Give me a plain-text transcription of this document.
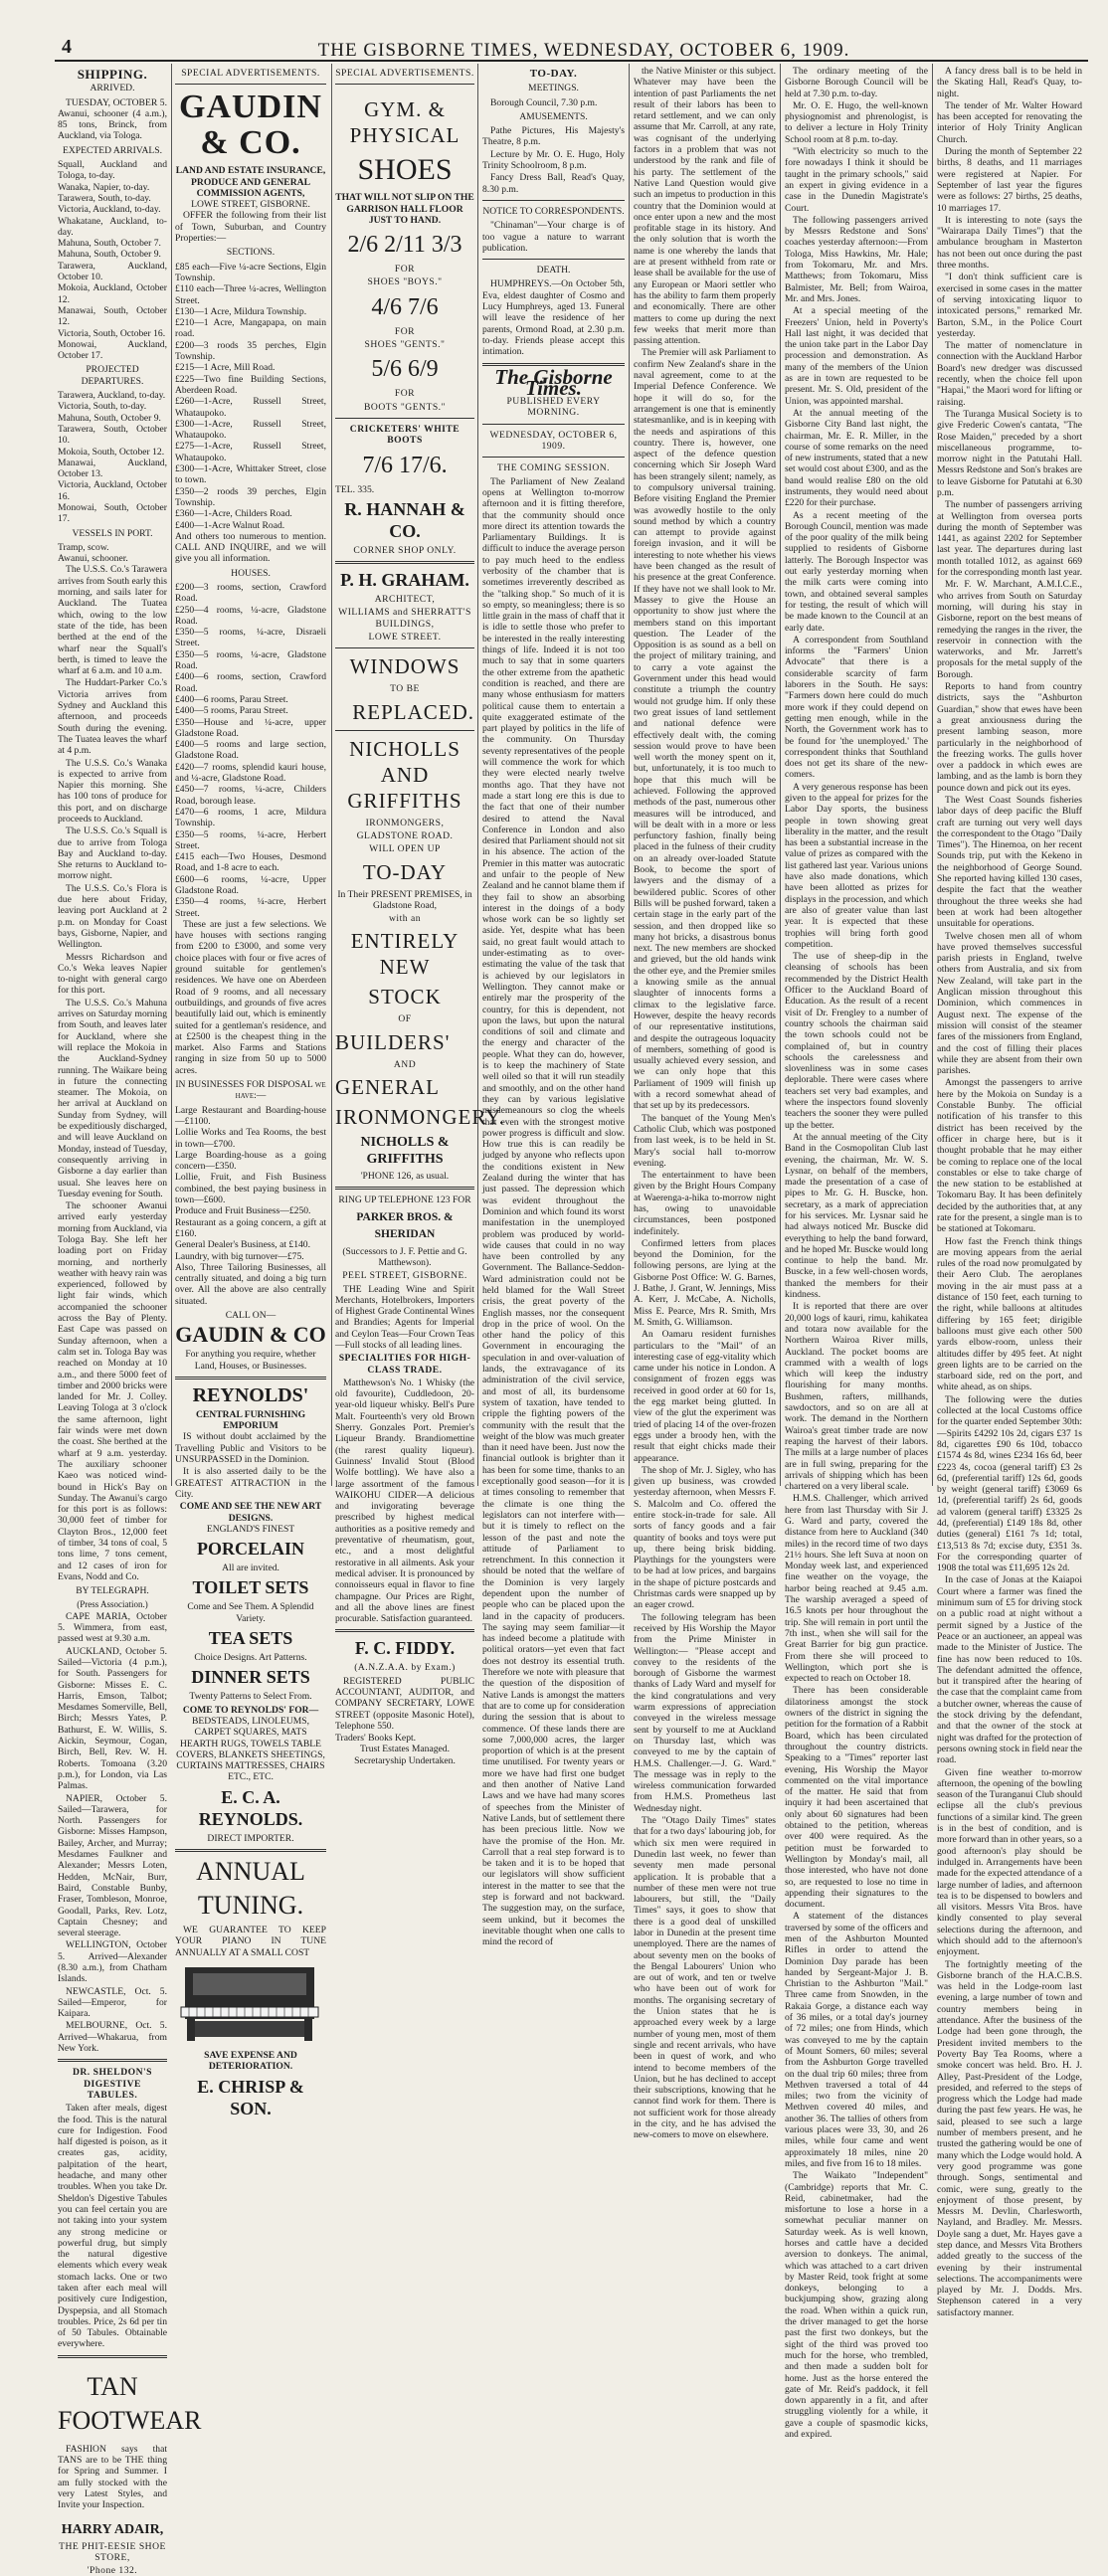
4	THE GISBORNE TIMES, WEDNESDAY, OCTOBER 6, 1909.
SHIPPING.
ARRIVED.

TUESDAY, OCTOBER 5. Awanui, schooner (4 a.m.), 85 tons, Brinck, from Auckland, via Tologa.

EXPECTED ARRIVALS.
Squall, Auckland and Tologa, to-day.
Wanaka, Napier, to-day.
Tarawera, South, to-day.
Victoria, Auckland, to-day.
Whakatane, Auckland, to-day.
Mahuna, South, October 7.
Mahuna, South, October 9.
Tarawera, Auckland, October 10.
Mokoia, Auckland, October 12.
Manawai, South, October 12.
Victoria, South, October 16.
Monowai, Auckland, October 17.
PROJECTED DEPARTURES.
Tarawera, Auckland, to-day.
Victoria, South, to-day.
Mahuna, South, October 9.
Tarawera, South, October 10.
Mokoia, South, October 12.
Manawai, Auckland, October 13.
Victoria, Auckland, October 16.
Monowai, South, October 17.
VESSELS IN PORT.
Tramp, scow.
Awanui, schooner.

The U.S.S. Co.'s Tarawera arrives from South early this morning, and sails later for Auckland. The Tuatea which, owing to the low state of the tide, has been berthed at the end of the wharf near the Squall's berth, is timed to leave the wharf at 6 a.m. and 10 a.m.

The Huddart-Parker Co.'s Victoria arrives from Sydney and Auckland this afternoon, and proceeds South during the evening. The Tuatea leaves the wharf at 4 p.m.

The U.S.S. Co.'s Wanaka is expected to arrive from Napier this morning. She has 100 tons of produce for this port, and on discharge proceeds to Auckland.

The U.S.S. Co.'s Squall is due to arrive from Tologa Bay and Auckland to-day. She returns to Auckland to-morrow night.

The U.S.S. Co.'s Flora is due here about Friday, leaving port Auckland at 2 p.m. on Monday for Coast bays, Gisborne, Napier, and Wellington.

Messrs Richardson and Co.'s Weka leaves Napier to-night with general cargo for this port.

The U.S.S. Co.'s Mahuna arrives on Saturday morning from South, and leaves later for Auckland, where she will replace the Mokoia in the Auckland-Sydney running. The Waikare being in future the connecting steamer. The Mokoia, on her arrival at Auckland on Sunday from Sydney, will be expeditiously discharged, and will leave Auckland on Monday, instead of Tuesday, consequently arriving in Gisborne a day earlier than usual. She leaves here on Tuesday evening for South.

The schooner Awanui arrived early yesterday morning from Auckland, via Tologa Bay. She left her loading port on Friday morning, and northerly weather with heavy rain was experienced, followed by light fair winds, which accompanied the schooner across the Bay of Plenty. East Cape was passed on Sunday afternoon, when a calm set in. Tologa Bay was reached on Monday at 10 a.m., and there 5000 feet of timber and 2000 bricks were landed for Mr. J. Colley. Leaving Tologa at 3 o'clock the same afternoon, light fair winds were met down the coast. She berthed at the wharf at 9 a.m. yesterday. The auxiliary schooner Kaeo was noticed wind-bound in Hick's Bay on Sunday. The Awanui's cargo for this port is as follows: 30,000 feet of timber for Clayton Bros., 12,000 feet of timber, 34 tons of coal, 5 tons lime, 7 tons cement, and 12 cases of iron for Evans, Nodd and Co.

BY TELEGRAPH.
(Press Association.)

CAPE MARIA, October 5. Wimmera, from east, passed west at 9.30 a.m.

AUCKLAND, October 5. Sailed—Victoria (4 p.m.), for South. Passengers for Gisborne: Misses E. C. Harris, Emson, Talbot; Mesdames Somerville, Bell, Birch; Messrs Yates, P. Bathurst, E. W. Willis, S. Aickin, Seymour, Cogan, Birch, Bell, Rev. W. H. Roberts. Tomoana (3.20 p.m.), for London, via Las Palmas.

NAPIER, October 5. Sailed—Tarawera, for North. Passengers for Gisborne: Misses Hampson, Bailey, Archer, and Murray; Mesdames Faulkner and Alexander; Messrs Loten, Hedden, McNair, Burr, Baird, Constable Bunby, Fraser, Tombleson, Monroe, Goodall, Parks, Rev. Lotz, Captain Chesney; and several steerage.

WELLINGTON, October 5. Arrived—Alexander (8.30 a.m.), from Chatham Islands.

NEWCASTLE, Oct. 5. Sailed—Emperor, for Kaipara.

MELBOURNE, Oct. 5. Arrived—Whakarua, from New York.

DR. SHELDON'S DIGESTIVE TABULES.

Taken after meals, digest the food. This is the natural cure for Indigestion. Food half digested is poison, as it creates gas, acidity, palpitation of the heart, headache, and many other troubles. When you take Dr. Sheldon's Digestive Tabules you can feel certain you are not taking into your system any strong medicine or powerful drug, but simply the natural digestive elements which every weak stomach lacks. One or two taken after each meal will positively cure Indigestion, Dyspepsia, and all Stomach troubles. Price, 2s 6d per tin of 50 Tabules. Obtainable everywhere.

TAN
FOOTWEAR

FASHION says that TANS are to be THE thing for Spring and Summer. I am fully stocked with the very Latest Styles, and Invite your Inspection.

HARRY ADAIR,
THE PHIT-EESIE SHOE STORE,
'Phone 132.
SPECIAL ADVERTISEMENTS.
GAUDIN & CO.
LAND AND ESTATE INSURANCE, PRODUCE AND GENERAL COMMISSION AGENTS,
LOWE STREET, GISBORNE.

OFFER the following from their list of Town, Suburban, and Country Properties:—

SECTIONS.
£85 each—Five ¼-acre Sections, Elgin Township.
£110 each—Three ¼-acres, Wellington Street.
£130—1 Acre, Mildura Township.
£210—1 Acre, Mangapapa, on main road.
£200—3 roods 35 perches, Elgin Township.
£215—1 Acre, Mill Road.
£225—Two fine Building Sections, Aberdeen Road.
£260—1-Acre, Russell Street, Whataupoko.
£300—1-Acre, Russell Street, Whataupoko.
£275—1-Acre, Russell Street, Whataupoko.
£300—1-Acre, Whittaker Street, close to town.
£350—2 roods 39 perches, Elgin Township.
£360—1-Acre, Childers Road.
£400—1-Acre Walnut Road.
And others too numerous to mention. CALL AND INQUIRE, and we will give you all information.
HOUSES.
£200—3 rooms, section, Crawford Road.
£250—4 rooms, ¼-acre, Gladstone Road.
£350—5 rooms, ¼-acre, Disraeli Street.
£350—5 rooms, ¼-acre, Gladstone Road.
£400—6 rooms, section, Crawford Road.
£400—6 rooms, Parau Street.
£400—5 rooms, Parau Street.
£350—House and ¼-acre, upper Gladstone Road.
£400—5 rooms and large section, Gladstone Road.
£420—7 rooms, splendid kauri house, and ¼-acre, Gladstone Road.
£450—7 rooms, ¼-acre, Childers Road, borough lease.
£470—6 rooms, 1 acre, Mildura Township.
£350—5 rooms, ¼-acre, Herbert Street.
£415 each—Two Houses, Desmond Road, and 1-8 acre to each.
£600—6 rooms, ¼-acre, Upper Gladstone Road.
£350—4 rooms, ¼-acre, Herbert Street.

These are just a few selections. We have houses with sections ranging from £200 to £3000, and some very choice places with four or five acres of ground suitable for gentlemen's residences. We have one on Aberdeen Road of 9 rooms, and all necessary outbuildings, and grounds of five acres beautifully laid out, which is eminently suited for a gentleman's residence, and at £2500 is the cheapest thing in the market. Also Farms and Stations ranging in size from 50 up to 5000 acres.

IN BUSINESSES FOR DISPOSAL we have:—
Large Restaurant and Boarding-house —£1100.
Lollie Works and Tea Rooms, the best in town—£700.
Large Boarding-house as a going concern—£350.
Lollie, Fruit, and Fish Business combined, the best paying business in town—£600.
Produce and Fruit Business—£250.
Restaurant as a going concern, a gift at £160.
General Dealer's Business, at £140.
Laundry, with big turnover—£75.
Also, Three Tailoring Businesses, all centrally situated, and doing a big turn over. All the above are also centrally situated.
CALL ON—
GAUDIN & CO
For anything you require, whether Land, Houses, or Businesses.
REYNOLDS'
CENTRAL FURNISHING EMPORIUM

IS without doubt acclaimed by the Travelling Public and Visitors to be UNSURPASSED in the Dominion.

It is also asserted daily to be the GREATEST ATTRACTION in the City.

COME AND SEE THE NEW ART DESIGNS.
ENGLAND'S FINEST
PORCELAIN
All are invited.
TOILET SETS
Come and See Them. A Splendid Variety.
TEA SETS
Choice Designs. Art Patterns.
DINNER SETS
Twenty Patterns to Select From.
COME TO REYNOLDS' FOR—
BEDSTEADS, LINOLEUMS, CARPET SQUARES, MATS HEARTH RUGS, TOWELS TABLE COVERS, BLANKETS SHEETINGS, CURTAINS MATTRESSES, CHAIRS ETC., ETC.
E. C. A. REYNOLDS.
DIRECT IMPORTER.
ANNUAL
TUNING.

WE GUARANTEE TO KEEP YOUR PIANO IN TUNE ANNUALLY AT A SMALL COST

SAVE EXPENSE AND DETERIORATION.
E. CHRISP & SON.
SPECIAL ADVERTISEMENTS.
GYM. & PHYSICAL
SHOES
THAT WILL NOT SLIP ON THE GARRISON HALL FLOOR JUST TO HAND.
2/6 2/11 3/3
FOR
SHOES "BOYS."
4/6 7/6
FOR
SHOES "GENTS."
5/6 6/9
FOR
BOOTS "GENTS."
CRICKETERS' WHITE BOOTS
7/6 17/6.
TEL. 335.
R. HANNAH & CO.
CORNER SHOP ONLY.
P. H. GRAHAM.
ARCHITECT,
WILLIAMS and SHERRATT'S BUILDINGS,
LOWE STREET.
WINDOWS
TO BE
REPLACED.
NICHOLLS AND GRIFFITHS
IRONMONGERS,
GLADSTONE ROAD.
WILL OPEN UP
TO-DAY
In Their PRESENT PREMISES, in Gladstone Road,
with an
ENTIRELY NEW
STOCK
OF
BUILDERS'
AND
GENERAL
IRONMONGERY.
NICHOLLS & GRIFFITHS
'PHONE 126, as usual.
RING UP TELEPHONE 123 FOR
PARKER BROS. & SHERIDAN
(Successors to J. F. Pettie and G. Matthewson).
PEEL STREET, GISBORNE.

THE Leading Wine and Spirit Merchants, Hotelbrokers, Importers of Highest Grade Continental Wines and Brandies; Agents for Imperial and Ceylon Teas—Four Crown Teas—Full stocks of all leading lines.

SPECIALITIES FOR HIGH-CLASS TRADE.

Matthewson's No. 1 Whisky (the old favourite), Cuddledoon, 20-year-old liqueur whisky. Bell's Pure Malt. Fourteenth's very old Brown Sherry. Gonzales Port. Premier's Liqueur Brandy. Brandiomettine (the rarest quality liqueur). Guinness' Invalid Stout (Blood Wolfe bottling). We have also a large assortment of the famous WAIKOHU CIDER—A delicious and invigorating beverage prescribed by highest medical authorities as a positive remedy and preventative of rheumatism, gout, etc., and a most delightful restorative in all ailments. Ask your medical adviser. It is pronounced by connoisseurs equal in flavor to fine champagne. Our Prices are Right, and all the above lines are finest procurable. Satisfaction guaranteed.

F. C. FIDDY.
(A.N.Z.A.A. by Exam.)

REGISTERED PUBLIC ACCOUNTANT, AUDITOR, and COMPANY SECRETARY, LOWE STREET (opposite Masonic Hotel), Telephone 550.

Traders' Books Kept.
Trust Estates Managed.
Secretaryship Undertaken.
TO-DAY.
MEETINGS.

Borough Council, 7.30 p.m.

AMUSEMENTS.

Pathe Pictures, His Majesty's Theatre, 8 p.m.

Lecture by Mr. O. E. Hugo, Holy Trinity Schoolroom, 8 p.m.

Fancy Dress Ball, Read's Quay, 8.30 p.m.

NOTICE TO CORRESPONDENTS.

"Chinaman"—Your charge is of too vague a nature to warrant publication.

DEATH.

HUMPHREYS.—On October 5th, Eva, eldest daughter of Cosmo and Lucy Humphreys, aged 13. Funeral will leave the residence of her parents, Ormond Road, at 2.30 p.m. to-day. Friends please accept this intimation.

The Gisborne Times.
PUBLISHED EVERY MORNING.
WEDNESDAY, OCTOBER 6, 1909.
THE COMING SESSION.

The Parliament of New Zealand opens at Wellington to-morrow afternoon and it is fitting therefore, that the community should once more direct its attention towards the Parliamentary Buildings. It is difficult to induce the average person to pay much heed to the endless verbosity of the chamber that is sometimes irreverently described as the "talking shop." So much of it is so empty, so meaningless; there is so little grain in the mass of chaff that it is idle to settle those who prefer to be interested in the really interesting things of life. Indeed it is not too much to say that in some quarters the other extreme from the apathetic condition is reached, and there are many whose enthusiasm for matters political cause them to entertain a quite exaggerated estimate of the part played by politics in the life of the community. On Thursday seventy representatives of the people will commence the work for which they were elected nearly twelve months ago. That they have not made a start long ere this is due to the fact that one of their number desired to attend the Naval Conference in London and also desired that Parliament should not sit in his absence. The action of the Premier in this matter was autocratic and unfair to the people of New Zealand and he cannot blame them if they fail to show an absorbing interest in the doings of a body whose work can be so lightly set aside. Yet, despite what has been said, no great fault would attach to under-estimating as to over-estimating the value of the task that is achieved by our legislators in Wellington. They cannot make or entirely mar the prosperity of the country, for this is dependent, not upon the laws, but upon the natural conditions of soil and climate and the energy and character of the people. What they can do, however, is to keep the machinery of State well oiled so that it will run steadily and smoothly, and on the other hand they can by various legislative misdemeanours so clog the wheels that even with the strongest motive power progress is difficult and slow. How true this is can readily be judged by anyone who reflects upon the conditions existent in New Zealand during the winter that has just passed. The depression which was evident throughout the Dominion and which found its worst manifestation in the unemployed problem was produced by world-wide causes that could in no way have been controlled by any Government. The Ballance-Seddon-Ward administration could not be held blamed for the Wall Street crisis, the great poverty of the English masses, nor the consequent drop in the price of wool. On the other hand the policy of this Government in encouraging the speculation in and over-valuation of lands, the extravagance of its administration of the civil service, and most of all, its burdensome system of taxation, have tended to cripple the fighting powers of the community with the result that the weight of the blow was much greater than it need have been. Just now the financial outlook is brighter than it has been for some time, thanks to an exceptionally good season—for it is at times consoling to remember that the climate is one thing the legislators can not interfere with—but it is timely to reflect on the lesson of the past and note the attitude of Parliament to retrenchment. In this connection it should be noted that the welfare of the Dominion is very largely dependent upon the number of people who can be placed upon the land in the capacity of producers. The saying may seem familiar—it has indeed become a platitude with political orators—yet even that fact does not destroy its essential truth. Therefore we note with pleasure that the question of the disposition of Native Lands is amongst the matters that are to come up for consideration during the session that is about to commence. Of these lands there are some 7,000,000 acres, the larger proportion of which is at the present time unutilised. For twenty years or more we have had first one budget and then another of Native Land Laws and we have had many scores of speeches from the Minister of Native Lands, but of settlement there has been precious little. Now we have the promise of the Hon. Mr. Carroll that a real step forward is to be taken and it is to be hoped that our legislators will show sufficient interest in the matter to see that the step is forward and not backward. The suggestion may, on the surface, seem unkind, but it becomes the inevitable thought when one calls to mind the record of

the Native Minister or this subject. Whatever may have been the intention of past Parliaments the net result of their labors has been to retard settlement, and we can only assume that Mr. Carroll, at any rate, was cognisant of the underlying factors in a problem that was not understood by the rank and file of his party. The settlement of the Native Land Question would give such an impetus to production in this country that the Dominion would at once enter upon a new and the most profitable stage in its history. And the only solution that is worth the name is one whereby the lands that are at present withheld from rate or lease shall be available for the use of any European or Maori settler who has the ability to farm them properly and economically. There are other matters to come up during the next few weeks that merit more than passing attention.

The Premier will ask Parliament to confirm New Zealand's share in the naval agreement, come to at the Imperial Defence Conference. We hope it will do so, for the arrangement is one that is eminently statesmanlike, and is in keeping with the needs and aspirations of this country. There is, however, one aspect of the defence question concerning which Sir Joseph Ward has been strangely silent; namely, as to compulsory universal training. Before visiting England the Premier was avowedly hostile to the only sound method by which a country can attempt to provide against foreign invasion, and it will be interesting to note whether his views have been changed as the result of his presence at the great Conference. If they have not we shall look to Mr. Massey to give the House an opportunity to show just where the members stand on this important question. The Leader of the Opposition is as sound as a bell on the project of military training, and to carry a vote against the Government under this head would constitute a triumph the country would not grudge him. If only these two great issues of land settlement and national defence were effectively dealt with, the coming session would prove to have been well worth the money spent on it, but, unfortunately, it is too much to hope that this much will be achieved. Following the approved methods of the past, numerous other measures will be introduced, and will be dealt with in a more or less perfunctory fashion, finally being placed in the fulness of their crudity on an already over-loaded Statute Book, to become the sport of lawyers and the dismay of a bewildered public. Scores of other Bills will be pushed forward, taken a certain stage in the early part of the session, and then dropped like so many hot bricks, a disastrous bonus next. The new members are shocked and grieved, but the old hands wink the other eye, and the Premier smiles a knowing smile as the annual slaughter of innocents forms a climax to the legislative farce. However, despite the heavy records of our representative institutions, and despite the outrageous loquacity of members, something of good is usually achieved every session, and we can only hope that this Parliament of 1909 will finish up with a record somewhat ahead of that set up by its predecessors.

The banquet of the Young Men's Catholic Club, which was postponed from last week, is to be held in St. Mary's social hall to-morrow evening.

The entertainment to have been given by the Bright Hours Company at Waerenga-a-hika to-morrow night has, owing to unavoidable circumstances, been postponed indefinitely.

Confirmed letters from places beyond the Dominion, for the following persons, are lying at the Gisborne Post Office: W. G. Barnes, J. Bathe, J. Grant, W. Jennings, Miss A. Kerr, J. McCabe, A. Nicholls, Miss E. Pearce, Mrs R. Smith, Mrs M. Smith, G. Williamson.

An Oamaru resident furnishes particulars to the "Mail" of an interesting case of egg-vitality which came under his notice in London. A consignment of frozen eggs was received in good order at 60 for 1s, the egg market being glutted. In view of the glut the experiment was tried of placing 14 of the over-frozen eggs under a broody hen, with the result that eight chicks made their appearance.

The shop of Mr. J. Sigley, who has given up business, was crowded yesterday afternoon, when Messrs F. S. Malcolm and Co. offered the entire stock-in-trade for sale. All sorts of fancy goods and a fair quantity of books and toys were put up, there being brisk bidding. Playthings for the youngsters were to be had at low prices, and bargains in the shape of picture postcards and Christmas cards were snapped up by an eager crowd.

The following telegram has been received by His Worship the Mayor from the Prime Minister in Wellington:— "Please accept and convey to the residents of the borough of Gisborne the warmest thanks of Lady Ward and myself for the kind congratulations and very warm expressions of appreciation conveyed in the wireless message sent by yourself to me at Auckland on Thursday last, which was conveyed to me by the captain of H.M.S. Challenger.—J. G. Ward." The message was in reply to the wireless communication forwarded from H.M.S. Prometheus last Wednesday night.

The "Otago Daily Times" states that for a two days' labouring job, for which six men were required in Dunedin last week, no fewer than seventy men made personal application. It is probable that a number of these men were not true labourers, but still, the "Daily Times" says, it goes to show that there is a good deal of unskilled labor in Dunedin at the present time unemployed. There are the names of about seventy men on the books of the Bengal Labourers' Union who are out of work, and ten or twelve who have been out of work for months. The organising secretary of the Union states that he is approached every week by a large number of young men, most of them single and recent arrivals, who have been in quest of work, and who intend to become members of the Union, but he has declined to accept their subscriptions, knowing that he cannot find work for them. There is not sufficient work for those already in the city, and he has advised the new-comers to move on elsewhere.

The ordinary meeting of the Gisborne Borough Council will be held at 7.30 p.m. to-day.

Mr. O. E. Hugo, the well-known physiognomist and phrenologist, is to deliver a lecture in Holy Trinity School room at 8 p.m. to-day.

"With electricity so much to the fore nowadays I think it should be taught in the primary schools," said an expert in giving evidence in a case in the Dunedin Magistrate's Court.

The following passengers arrived by Messrs Redstone and Sons' coaches yesterday afternoon:—From Tologa, Miss Hawkins, Mr. Hale; from Tokomaru, Mr. and Mrs. Matthews; from Tokomaru, Miss Balmister, Mr. Bell; from Wairoa, Mr. and Mrs. Jones.

At a special meeting of the Freezers' Union, held in Poverty's Hall last night, it was decided that the union take part in the Labor Day procession and demonstration. As many of the members of the Union as are in town are requested to be present. Mr. S. Old, president of the Union, was appointed marshal.

At the annual meeting of the Gisborne City Band last night, the chairman, Mr. E. R. Miller, in the course of some remarks on the need of new instruments, stated that a new set would cost about £300, and as the band would realise £80 on the old instruments, they would need about £220 for their purchase.

As a recent meeting of the Borough Council, mention was made of the poor quality of the milk being supplied to residents of Gisborne latterly. The Borough Inspector was out early yesterday morning when the milk carts were coming into town, and obtained several samples for testing, the result of which will be made known to the Council at an early date.

A correspondent from Southland informs the "Farmers' Union Advocate" that there is a considerable scarcity of farm laborers in the South. He says: "Farmers down here could do much more work if they could depend on getting men enough, while in the North, the Government work has to be found for 'the unemployed.' The correspondent thinks that Southland does not get its share of the new-comers.

A very generous response has been given to the appeal for prizes for the Labor Day sports, the business people in town showing great liberality in the matter, and the result has been a substantial increase in the value of prizes as compared with the list gathered last year. Various unions have also made donations, which have been allotted as prizes for displays in the procession, and which are also of greater value than last year. It is expected that these trophies will bring forth good competition.

The use of sheep-dip in the cleansing of schools has been recommended by the District Health Officer to the Auckland Board of Education. As the result of a recent visit of Dr. Frengley to a number of country schools the chairman said the town schools could not be complained of, but in country schools the carelessness and slovenliness was in some cases deplorable. There were cases where teachers set very bad examples, and where the inspectors found slovenly teachers the sooner they were pulled up the better.

At the annual meeting of the City Band in the Cosmopolitan Club last evening, the chairman, Mr. W. S. Lysnar, on behalf of the members, made the presentation of a case of pipes to Mr. G. H. Buscke, hon. secretary, as a mark of appreciation for his services. Mr. Lysnar said he had always noticed Mr. Buscke did everything to help the band forward, and he hoped Mr. Buscke would long continue to help the band. Mr. Buscke, in a few well-chosen words, thanked the members for their kindness.

It is reported that there are over 20,000 logs of kauri, rimu, kahikatea and totara now available for the Northern Wairoa River mills, Auckland. The pocket booms are crammed with a wealth of logs which will keep the industry flourishing for many months. Bushmen, rafters, millhands, sawdoctors, and so on are all at work. The demand in the Northern Wairoa's great timber trade are now reaping the harvest of their labors. The mills at a large number of places are in full swing, preparing for the arrivals of shipping which has been chartered on a very liberal scale.

H.M.S. Challenger, which arrived here from last Thursday with Sir J. G. Ward and party, covered the distance from here to Auckland (340 miles) in the record time of two days 21½ hours. She left Suva at noon on Monday week last, and experienced fine weather on the voyage, the harbor being reached at 9.45 a.m. The warship averaged a speed of 16.5 knots per hour throughout the trip. She will remain in port until the 7th inst., when she will sail for the Great Barrier for big gun practice. From there she will proceed to Wellington, which port she is expected to reach on October 18.

There has been considerable dilatoriness amongst the stock owners of the district in signing the petition for the formation of a Rabbit Board, which has been circulated throughout the country districts. Speaking to a "Times" reporter last evening, His Worship the Mayor commented on the vital importance of the matter. He said that from inquiry it had been ascertained that only about 60 signatures had been obtained to the petition, whereas over 400 were required. As the petition must be forwarded to Wellington by Monday's mail, all those interested, who have not done so, are requested to lose no time in appending their signatures to the document.

A statement of the distances traversed by some of the officers and men of the Ashburton Mounted Rifles in order to attend the Dominion Day parade has been handed by Sergeant-Major J. B. Christian to the Ashburton "Mail." Three came from Snowden, in the Rakaia Gorge, a distance each way of 36 miles, or a total day's journey of 72 miles; one from Hinds, which was conveyed to me by the captain of Mount Somers, 60 miles; several from the Ashburton Gorge travelled on the dual trip 60 miles; three from Methven traversed a total of 44 miles; two from the vicinity of Methven covered 40 miles, and another 36. The tallies of others from various places were 33, 30, and 26 miles, while four came and went approximately 18 miles, nine 20 miles, and five from 16 to 18 miles.

The Waikato "Independent" (Cambridge) reports that Mr. C. Reid, cabinetmaker, had the misfortune to lose a horse in a somewhat peculiar manner on Saturday week. As is well known, horses and cattle have a decided aversion to donkeys. The animal, which was attached to a cart driven by Master Reid, took fright at some donkeys, belonging to a buckjumping show, grazing along the road. When within a quick run, the driver managed to get the horse past the first two donkeys, but the sight of the third was proved too much for the horse, who trembled, and then made a sudden bolt for home. Just as the horse entered the gate of Mr. Reid's paddock, it fell down apparently in a fit, and after struggling violently for a while, it gave a couple of spasmodic kicks, and expired.

A fancy dress ball is to be held in the Skating Hall, Read's Quay, to-night.

The tender of Mr. Walter Howard has been accepted for renovating the interior of Holy Trinity Anglican Church.

During the month of September 22 births, 8 deaths, and 11 marriages were registered at Napier. For September of last year the figures were as follows: 27 births, 25 deaths, 10 marriages 17.

It is interesting to note (says the "Wairarapa Daily Times") that the ambulance brougham in Masterton has not been out once during the past three months.

"I don't think sufficient care is exercised in some cases in the matter of serving intoxicating liquor to intoxicated persons," remarked Mr. Barton, S.M., in the Police Court yesterday.

The matter of nomenclature in connection with the Auckland Harbor Board's new dredger was discussed recently, when the choice fell upon "Hapai," the Maori word for lifting or raising.

The Turanga Musical Society is to give Frederic Cowen's cantata, "The Rose Maiden," preceded by a short miscellaneous programme, to-morrow night in the Patutahi Hall. Messrs Redstone and Son's brakes are to leave Gisborne for Patutahi at 6.30 p.m.

The number of passengers arriving at Wellington from oversea ports during the month of September was 1441, as against 2202 for September last year. The departures during last month totalled 1012, as against 669 for the corresponding month last year.

Mr. F. W. Marchant, A.M.I.C.E., who arrives from South on Saturday morning, will during his stay in Gisborne, report on the best means of remedying the ranges in the river, the reservoir in connection with the waterworks, and Mr. Jarrett's proposals for the metal supply of the Borough.

Reports to hand from country districts, says the "Ashburton Guardian," show that ewes have been a great anxiousness during the present lambing season, more particularly in the neighborhood of the freezing works. The gulls hover over a paddock in which ewes are lambing, and as the lamb is born they pounce down and pick out its eyes.

The West Coast Sounds fisheries labor days of deep pacific the Bluff craft are turning out very well days the correspondent to the Otago "Daily Times"). The Hinemoa, on her recent Sounds trip, put with the Kekeno in the neighborhood of George Sound. She reported having killed 130 cases, despite the fact that the weather throughout the three weeks she had been at work had been altogether unsuitable for operations.

Twelve chosen men all of whom have proved themselves successful parish priests in England, twelve others from Australia, and six from New Zealand, will take part in the Anglican mission throughout this Dominion, which commences in August next. The expense of the mission will consist of the steamer fares of the missioners from England, and the cost of filling their places while they are absent from their own parishes.

Amongst the passengers to arrive here by the Mokoia on Sunday is a Constable Bunby. The official notification of his transfer to this district has been received by the officer in charge here, but is it thought probable that he may either be coming to replace one of the local constables or else to take charge of the new station to be established at Tokomaru Bay. It has been definitely decided by the authorities that, at any rate for the present, a single man is to be stationed at Tokomaru.

How fast the French think things are moving appears from the aerial rules of the road now promulgated by their Aero Club. The aeroplanes moving in the air must pass at a distance of 150 feet, each turning to the right, while balloons at altitudes differing by 165 feet; dirigible balloons must give each other 500 yards elbow-room, unless their altitudes differ by 495 feet. At night green lights are to be carried on the starboard side, red on the port, and white ahead, as on ships.

The following were the duties collected at the local Customs office for the quarter ended September 30th:—Spirits £4292 10s 2d, cigars £37 1s 8d, cigarettes £90 6s 10d, tobacco £1574 4s 8d, wines £234 16s 6d, beer £223 4s, cocoa (general tariff) £3 2s 6d, (preferential tariff) 12s 6d, goods by weight (general tariff) £3069 6s 1d, (preferential tariff) 2s 6d, goods ad valorem (general tariff) £3325 2s 4d, (preferential) £149 18s 8d, other duties (general) £161 7s 1d; total, £13,513 8s 7d; excise duty, £351 3s. For the corresponding quarter of 1908 the total was £11,695 12s 2d.

In the case of Jonas at the Kaiapoi Court where a farmer was fined the minimum sum of £5 for driving stock on a public road at night without a permit signed by a Justice of the Peace or an auctioneer, an appeal was made to the Minister of Justice. The fine has now been reduced to 10s. The defendant admitted the offence, but it transpired after the hearing of the case that the complaint came from a butcher owner, whereas the cause of the stock driving by the defendant, and that the owner of the stock at night was drafted for the protection of persons owning stock in field near the road.

Given fine weather to-morrow afternoon, the opening of the bowling season of the Turanganui Club should eclipse all the club's previous functions of a similar kind. The green is in the best of condition, and is more forward than in other years, so a good afternoon's play should be indulged in. Arrangements have been made for the expected attendance of a large number of ladies, and afternoon tea is to be dispensed to bowlers and all visitors. Messrs Vita Bros. have kindly consented to play several selections during the afternoon, and which should add to the afternoon's enjoyment.

The fortnightly meeting of the Gisborne branch of the H.A.C.B.S. was held in the Lodge-room last evening, a large number of town and country members being in attendance. After the business of the Lodge had been gone through, the President invited members to the Poverty Bay Tea Rooms, where a smoke concert was held. Bro. H. J. Alley, Past-President of the Lodge, presided, and referred to the steps of progress which the Lodge had made during the past few years. He was, he said, pleased to see such a large number of members present, and he trusted the gathering would be one of many which the Lodge would hold. A very good programme was gone through. Songs, sentimental and comic, were sung, greatly to the enjoyment of those present, by Messrs M. Devlin, Charlesworth, Nayland, and Bradley. Mr. Messrs. Doyle sang a duet, Mr. Hayes gave a step dance, and Messrs Vita Brothers added greatly to the success of the evening by their instrumental selections. The accompaniments were played by Mr. J. Dodds. Mrs. Stephenson catered in a very satisfactory manner.
